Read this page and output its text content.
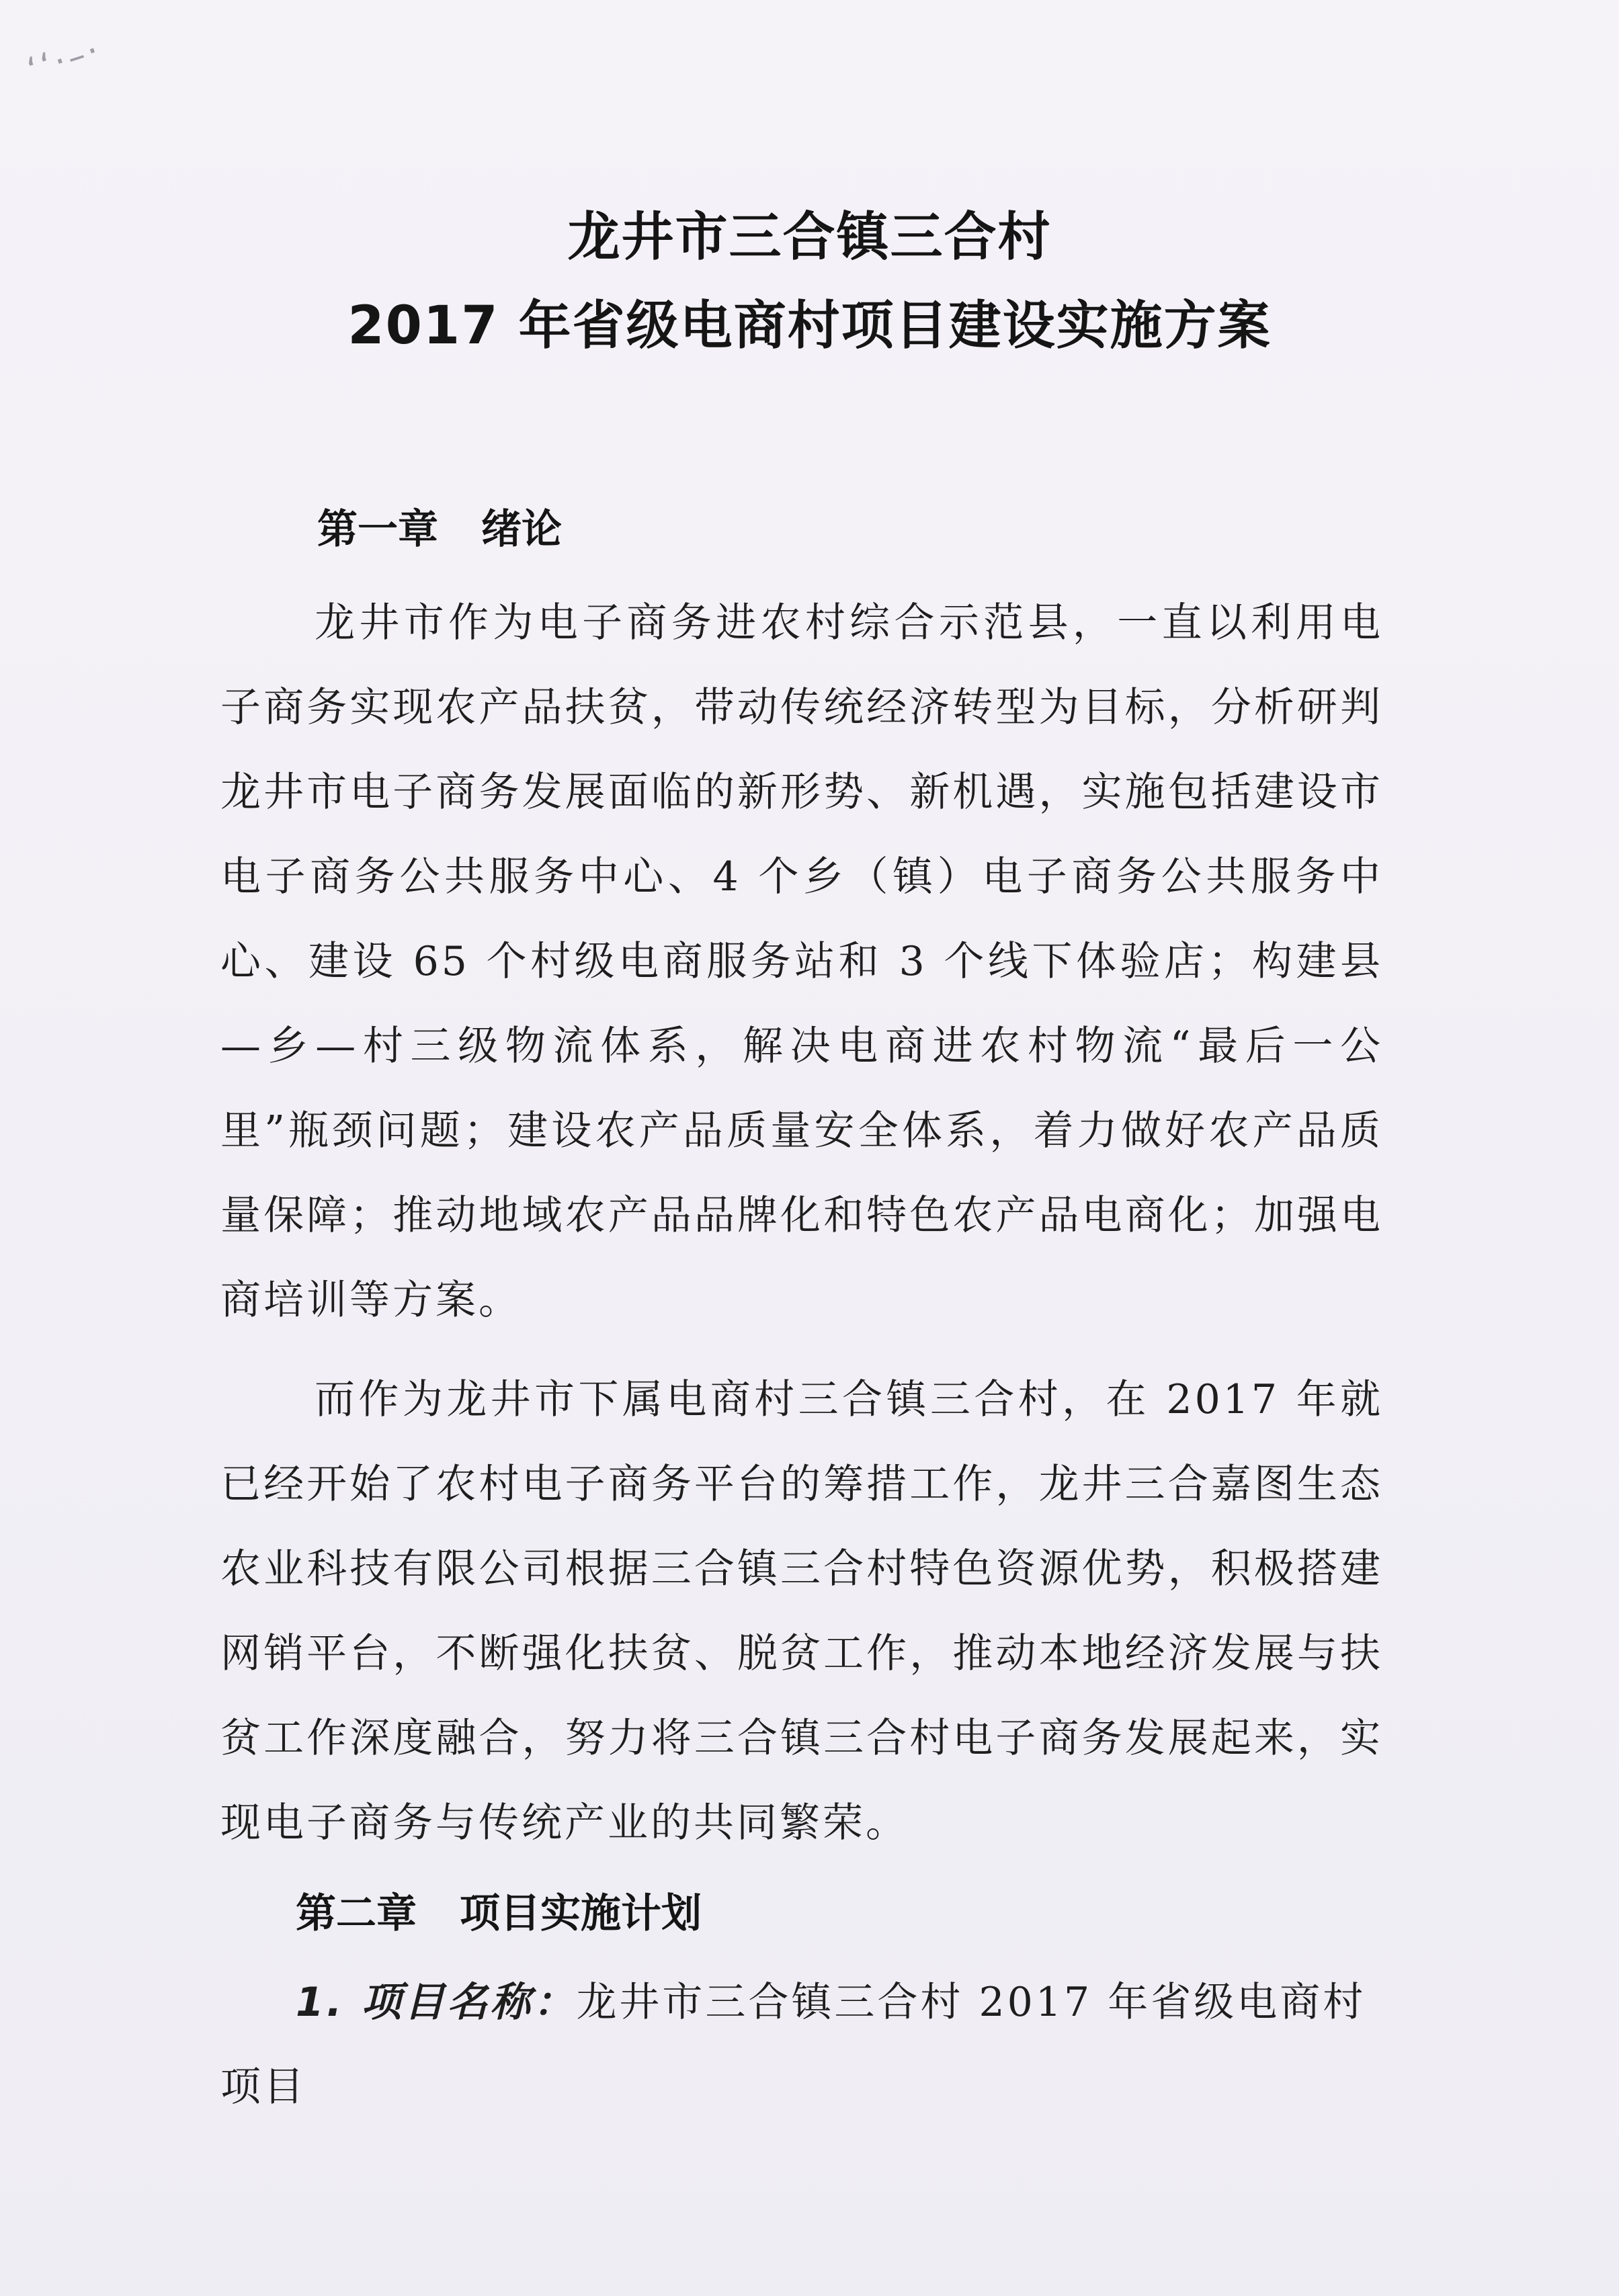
‘‘·–·
龙井市三合镇三合村
2017 年省级电商村项目建设实施方案
第一章 绪论

龙井市作为电子商务进农村综合示范县，一直以利用电子商务实现农产品扶贫，带动传统经济转型为目标，分析研判龙井市电子商务发展面临的新形势、新机遇，实施包括建设市电子商务公共服务中心、4 个乡（镇）电子商务公共服务中心、建设 65 个村级电商服务站和 3 个线下体验店；构建县—乡—村三级物流体系，解决电商进农村物流“最后一公里”瓶颈问题；建设农产品质量安全体系，着力做好农产品质量保障；推动地域农产品品牌化和特色农产品电商化；加强电商培训等方案。

而作为龙井市下属电商村三合镇三合村，在 2017 年就已经开始了农村电子商务平台的筹措工作，龙井三合嘉图生态农业科技有限公司根据三合镇三合村特色资源优势，积极搭建网销平台，不断强化扶贫、脱贫工作，推动本地经济发展与扶贫工作深度融合，努力将三合镇三合村电子商务发展起来，实现电子商务与传统产业的共同繁荣。

第二章 项目实施计划

1. 项目名称：龙井市三合镇三合村 2017 年省级电商村项目
